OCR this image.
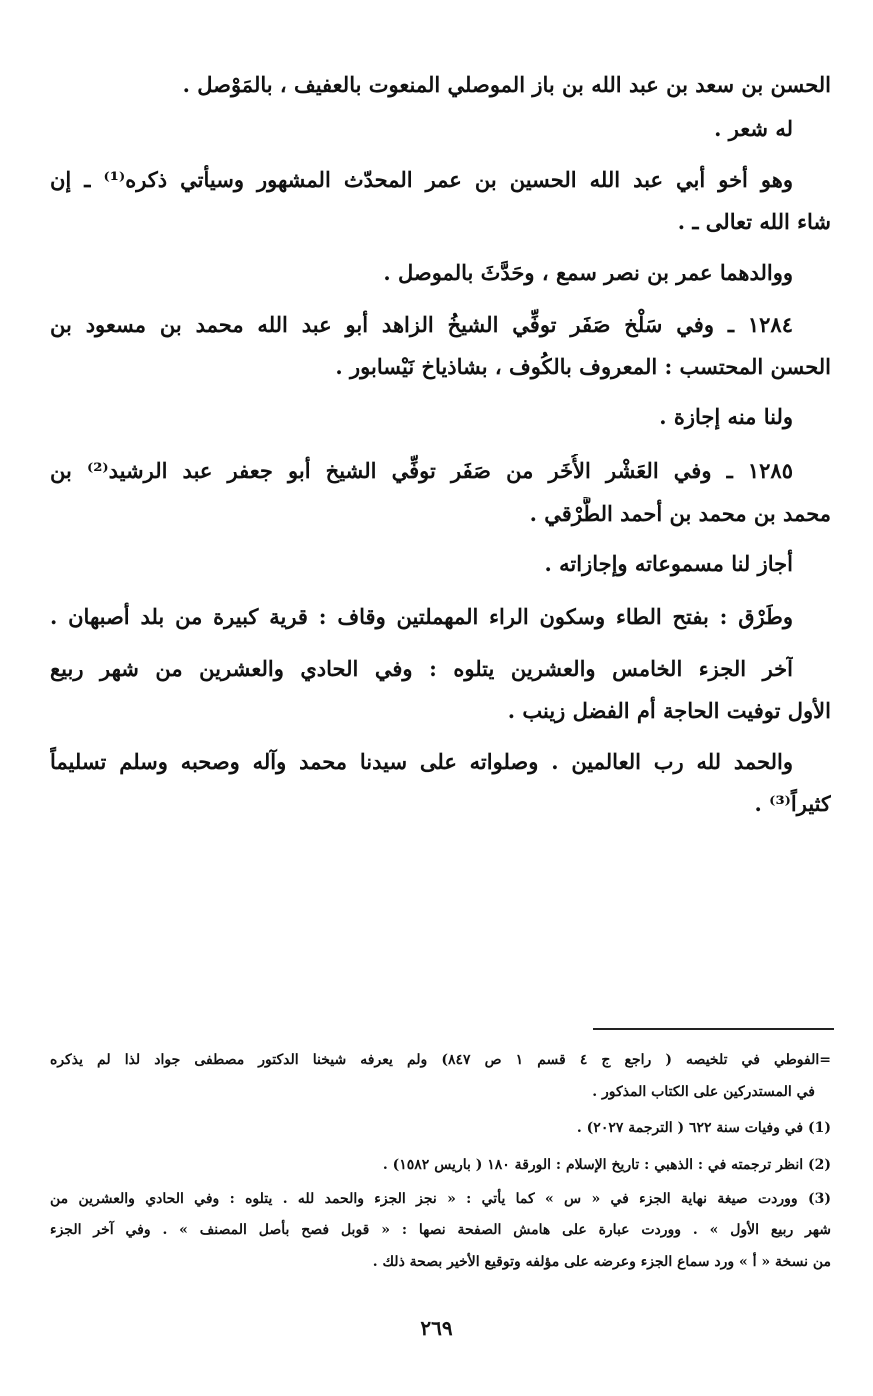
الحسن بن سعد بن عبد الله بن باز الموصلي المنعوت بالعفيف ، بالمَوْصل .
له شعر .
وهو أخو أبي عبد الله الحسين بن عمر المحدّث المشهور وسيأتي ذكره⁽¹⁾ ـ إن
شاء الله تعالى ـ .
ووالدهما عمر بن نصر سمع ، وحَدَّثَ بالموصل .
١٢٨٤ ـ وفي سَلْخ صَفَر توفِّي الشيخُ الزاهد أبو عبد الله محمد بن مسعود بن
الحسن المحتسب : المعروف بالكُوف ، بشاذياخ نَيْسابور .
ولنا منه إجازة .
١٢٨٥ ـ وفي العَشْر الأُخَر من صَفَر توفِّي الشيخ أبو جعفر عبد الرشيد⁽²⁾ بن
محمد بن محمد بن أحمد الطَّرْقي .
أجاز لنا مسموعاته وإجازاته .
وطَرْق : بفتح الطاء وسكون الراء المهملتين وقاف : قرية كبيرة من بلد أصبهان .
آخر الجزء الخامس والعشرين يتلوه : وفي الحادي والعشرين من شهر ربيع
الأول توفيت الحاجة أم الفضل زينب .
والحمد لله رب العالمين . وصلواته على سيدنا محمد وآله وصحبه وسلم تسليماً
كثيراً⁽³⁾ .
=الفوطي في تلخيصه ( راجع ج ٤ قسم ١ ص ٨٤٧) ولم يعرفه شيخنا الدكتور مصطفى جواد لذا لم يذكره
في المستدركين على الكتاب المذكور .
(1) في وفيات سنة ٦٢٢ ( الترجمة ٢٠٢٧) .
(2) انظر ترجمته في : الذهبي : تاريخ الإسلام : الورقة ١٨٠ ( باريس ١٥٨٢) .
(3) ووردت صيغة نهاية الجزء في « س » كما يأتي : « نجز الجزء والحمد لله . يتلوه : وفي الحادي والعشرين من
شهر ربيع الأول » . ووردت عبارة على هامش الصفحة نصها : « قوبل فصح بأصل المصنف » . وفي آخر الجزء
من نسخة « أ » ورد سماع الجزء وعرضه على مؤلفه وتوقيع الأخير بصحة ذلك .
٢٦٩
